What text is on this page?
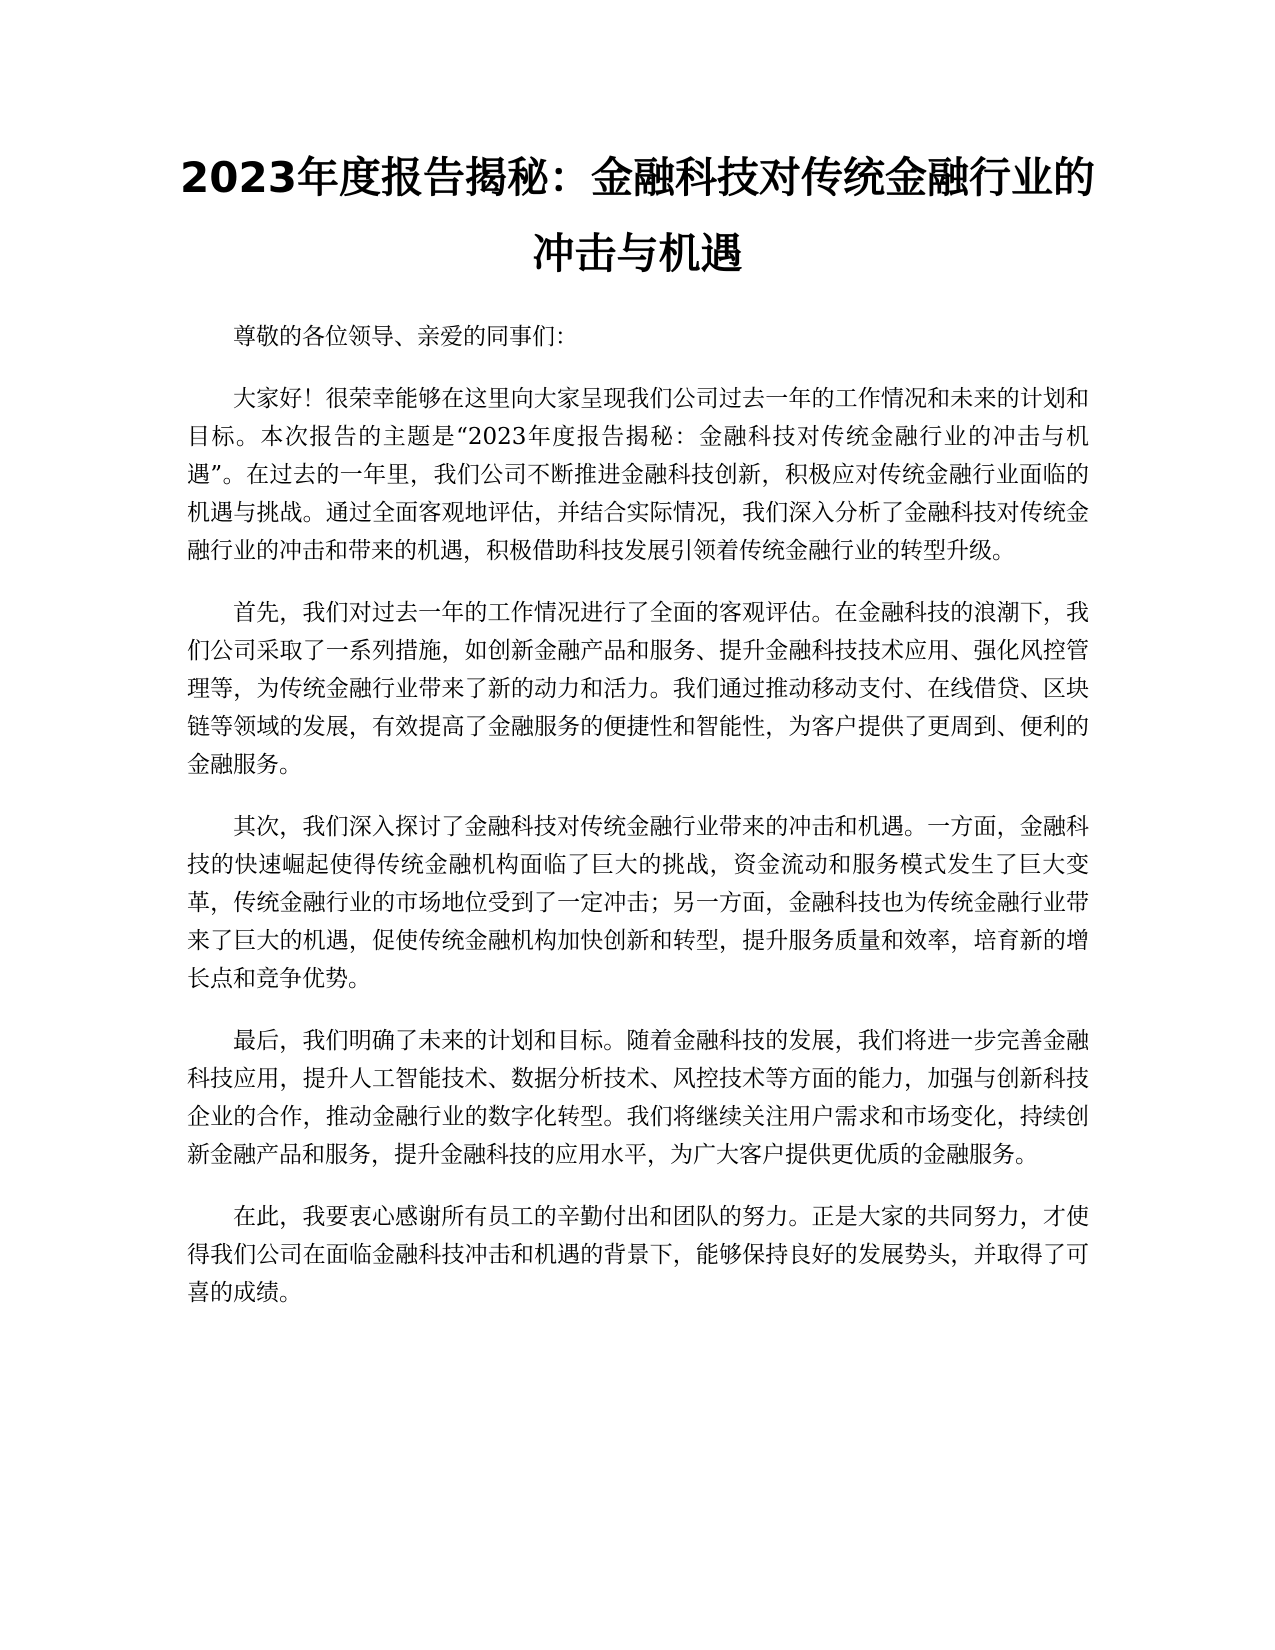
2023年度报告揭秘：金融科技对传统金融行业的冲击与机遇

尊敬的各位领导、亲爱的同事们：

大家好！很荣幸能够在这里向大家呈现我们公司过去一年的工作情况和未来的计划和目标。本次报告的主题是“2023年度报告揭秘：金融科技对传统金融行业的冲击与机遇”。在过去的一年里，我们公司不断推进金融科技创新，积极应对传统金融行业面临的机遇与挑战。通过全面客观地评估，并结合实际情况，我们深入分析了金融科技对传统金融行业的冲击和带来的机遇，积极借助科技发展引领着传统金融行业的转型升级。

首先，我们对过去一年的工作情况进行了全面的客观评估。在金融科技的浪潮下，我们公司采取了一系列措施，如创新金融产品和服务、提升金融科技技术应用、强化风控管理等，为传统金融行业带来了新的动力和活力。我们通过推动移动支付、在线借贷、区块链等领域的发展，有效提高了金融服务的便捷性和智能性，为客户提供了更周到、便利的金融服务。

其次，我们深入探讨了金融科技对传统金融行业带来的冲击和机遇。一方面，金融科技的快速崛起使得传统金融机构面临了巨大的挑战，资金流动和服务模式发生了巨大变革，传统金融行业的市场地位受到了一定冲击；另一方面，金融科技也为传统金融行业带来了巨大的机遇，促使传统金融机构加快创新和转型，提升服务质量和效率，培育新的增长点和竞争优势。

最后，我们明确了未来的计划和目标。随着金融科技的发展，我们将进一步完善金融科技应用，提升人工智能技术、数据分析技术、风控技术等方面的能力，加强与创新科技企业的合作，推动金融行业的数字化转型。我们将继续关注用户需求和市场变化，持续创新金融产品和服务，提升金融科技的应用水平，为广大客户提供更优质的金融服务。

在此，我要衷心感谢所有员工的辛勤付出和团队的努力。正是大家的共同努力，才使得我们公司在面临金融科技冲击和机遇的背景下，能够保持良好的发展势头，并取得了可喜的成绩。
